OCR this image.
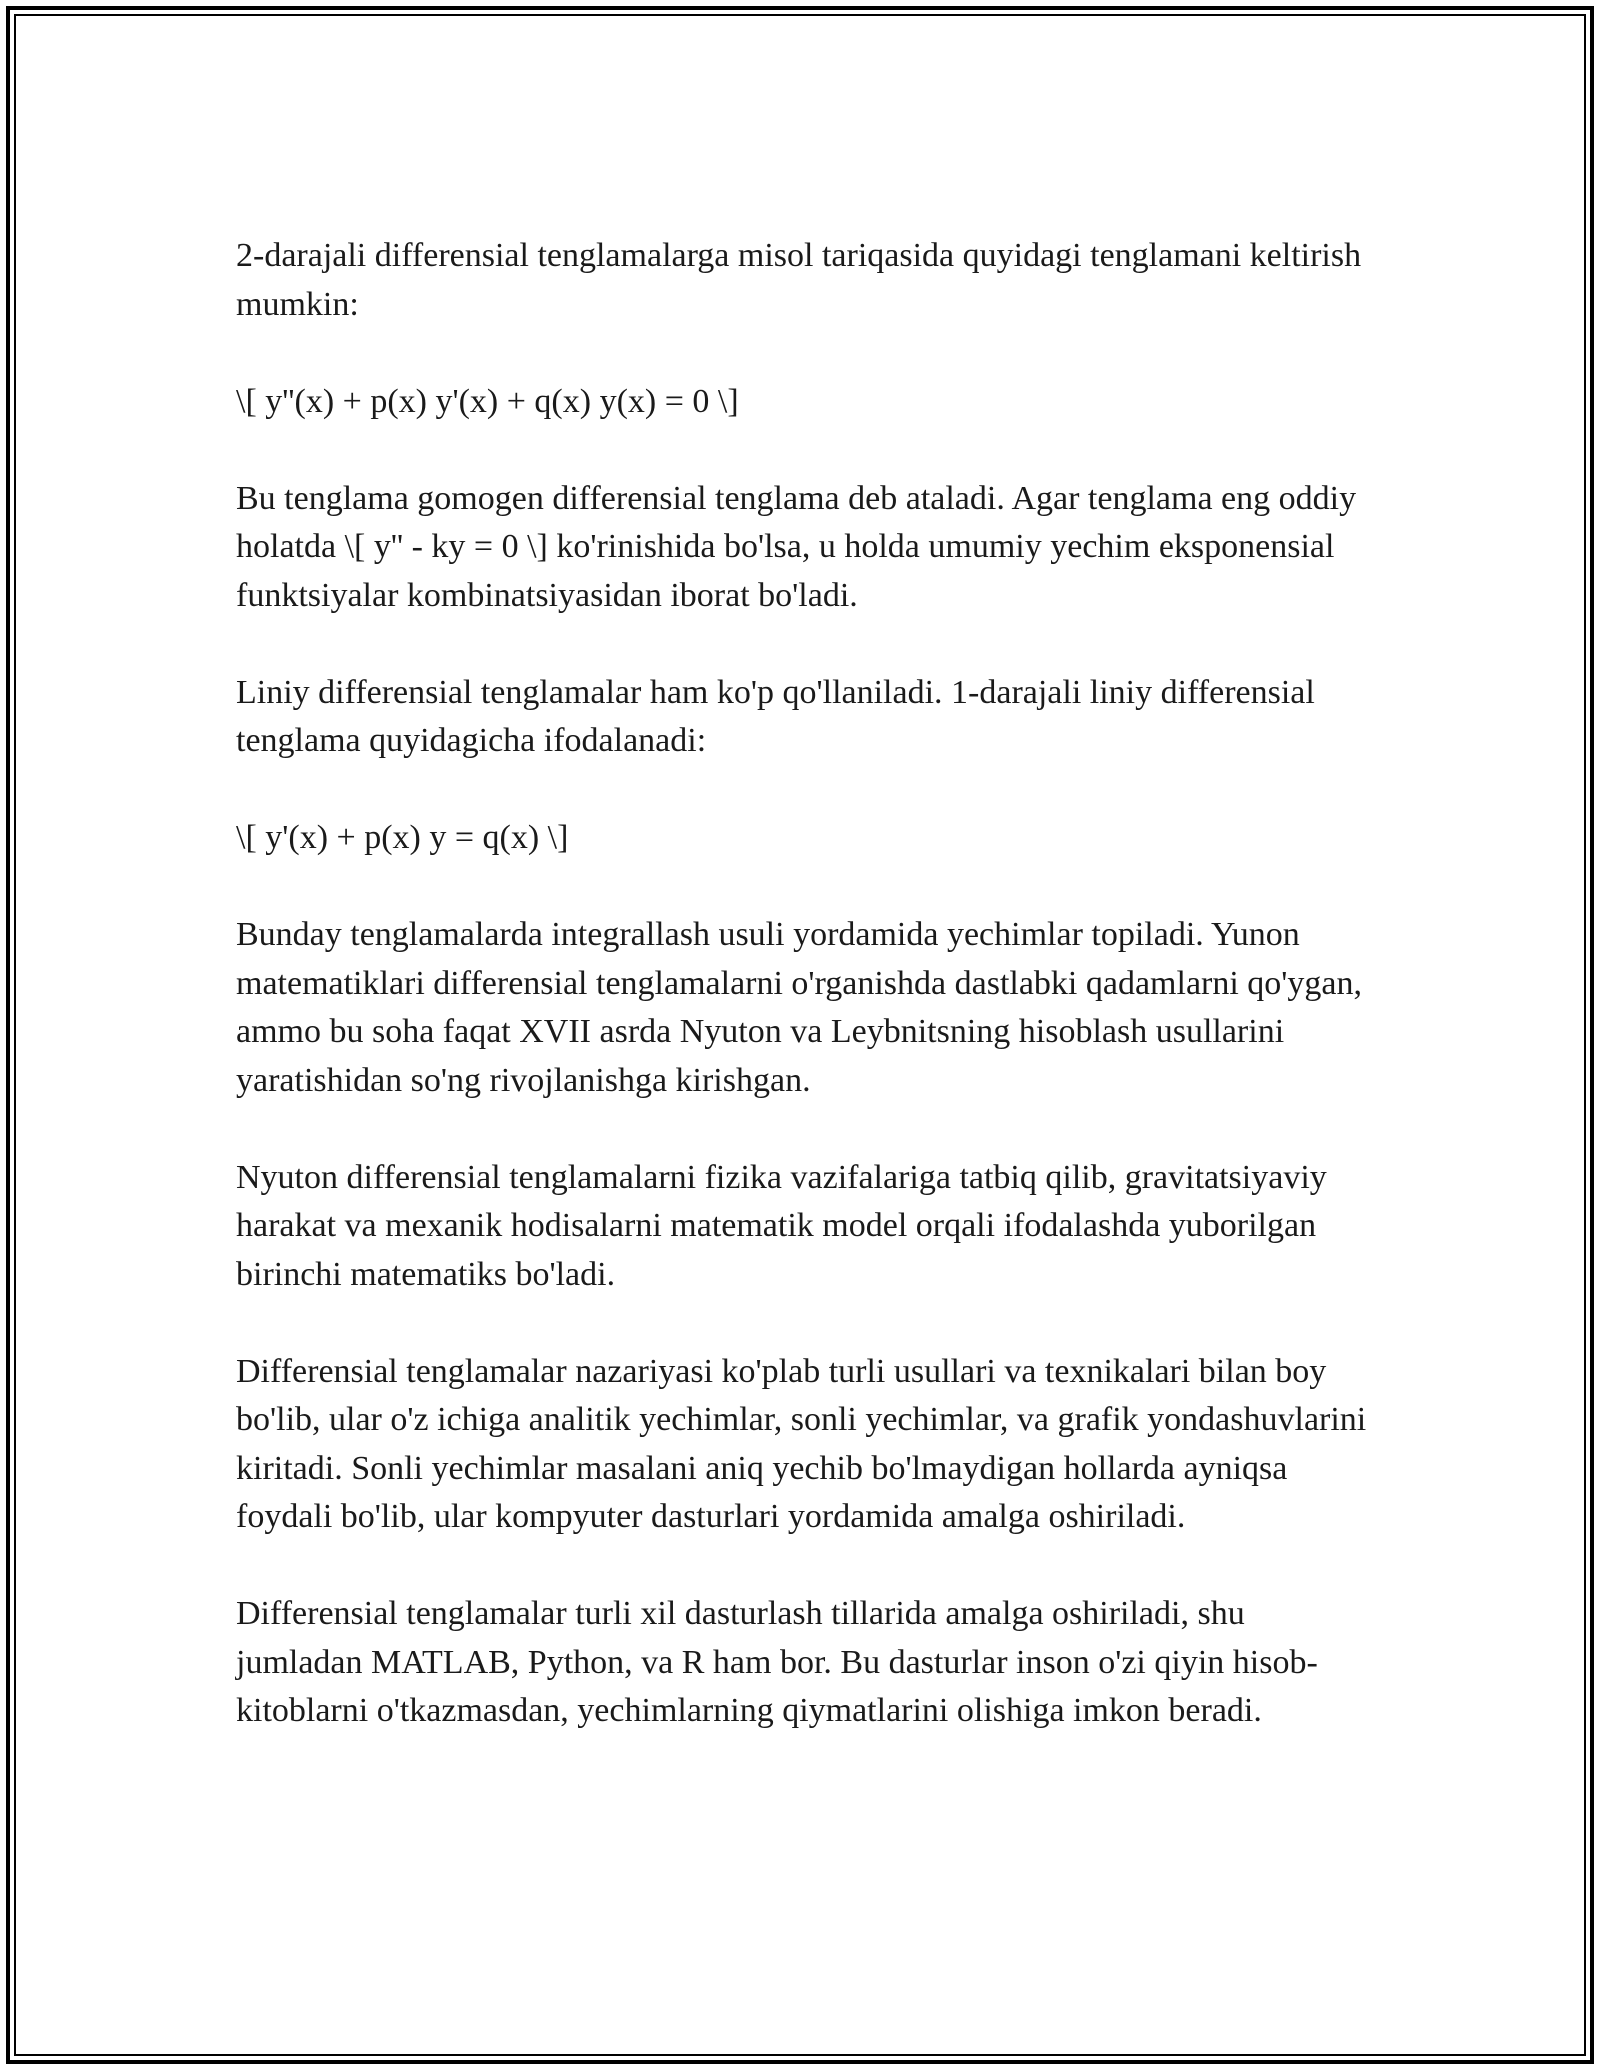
2-darajali differensial tenglamalarga misol tariqasida quyidagi tenglamani keltirish mumkin:

\[ y''(x) + p(x) y'(x) + q(x) y(x) = 0 \]

Bu tenglama gomogen differensial tenglama deb ataladi. Agar tenglama eng oddiy holatda \[ y'' - ky = 0 \] ko'rinishida bo'lsa, u holda umumiy yechim eksponensial funktsiyalar kombinatsiyasidan iborat bo'ladi.

Liniy differensial tenglamalar ham ko'p qo'llaniladi. 1-darajali liniy differensial tenglama quyidagicha ifodalanadi:

\[ y'(x) + p(x) y = q(x) \]

Bunday tenglamalarda integrallash usuli yordamida yechimlar topiladi. Yunon matematiklari differensial tenglamalarni o'rganishda dastlabki qadamlarni qo'ygan, ammo bu soha faqat XVII asrda Nyuton va Leybnitsning hisoblash usullarini yaratishidan so'ng rivojlanishga kirishgan.

Nyuton differensial tenglamalarni fizika vazifalariga tatbiq qilib, gravitatsiyaviy harakat va mexanik hodisalarni matematik model orqali ifodalashda yuborilgan birinchi matematiks bo'ladi.

Differensial tenglamalar nazariyasi ko'plab turli usullari va texnikalari bilan boy bo'lib, ular o'z ichiga analitik yechimlar, sonli yechimlar, va grafik yondashuvlarini kiritadi. Sonli yechimlar masalani aniq yechib bo'lmaydigan hollarda ayniqsa foydali bo'lib, ular kompyuter dasturlari yordamida amalga oshiriladi.

Differensial tenglamalar turli xil dasturlash tillarida amalga oshiriladi, shu jumladan MATLAB, Python, va R ham bor. Bu dasturlar inson o'zi qiyin hisob-kitoblarni o'tkazmasdan, yechimlarning qiymatlarini olishiga imkon beradi.
